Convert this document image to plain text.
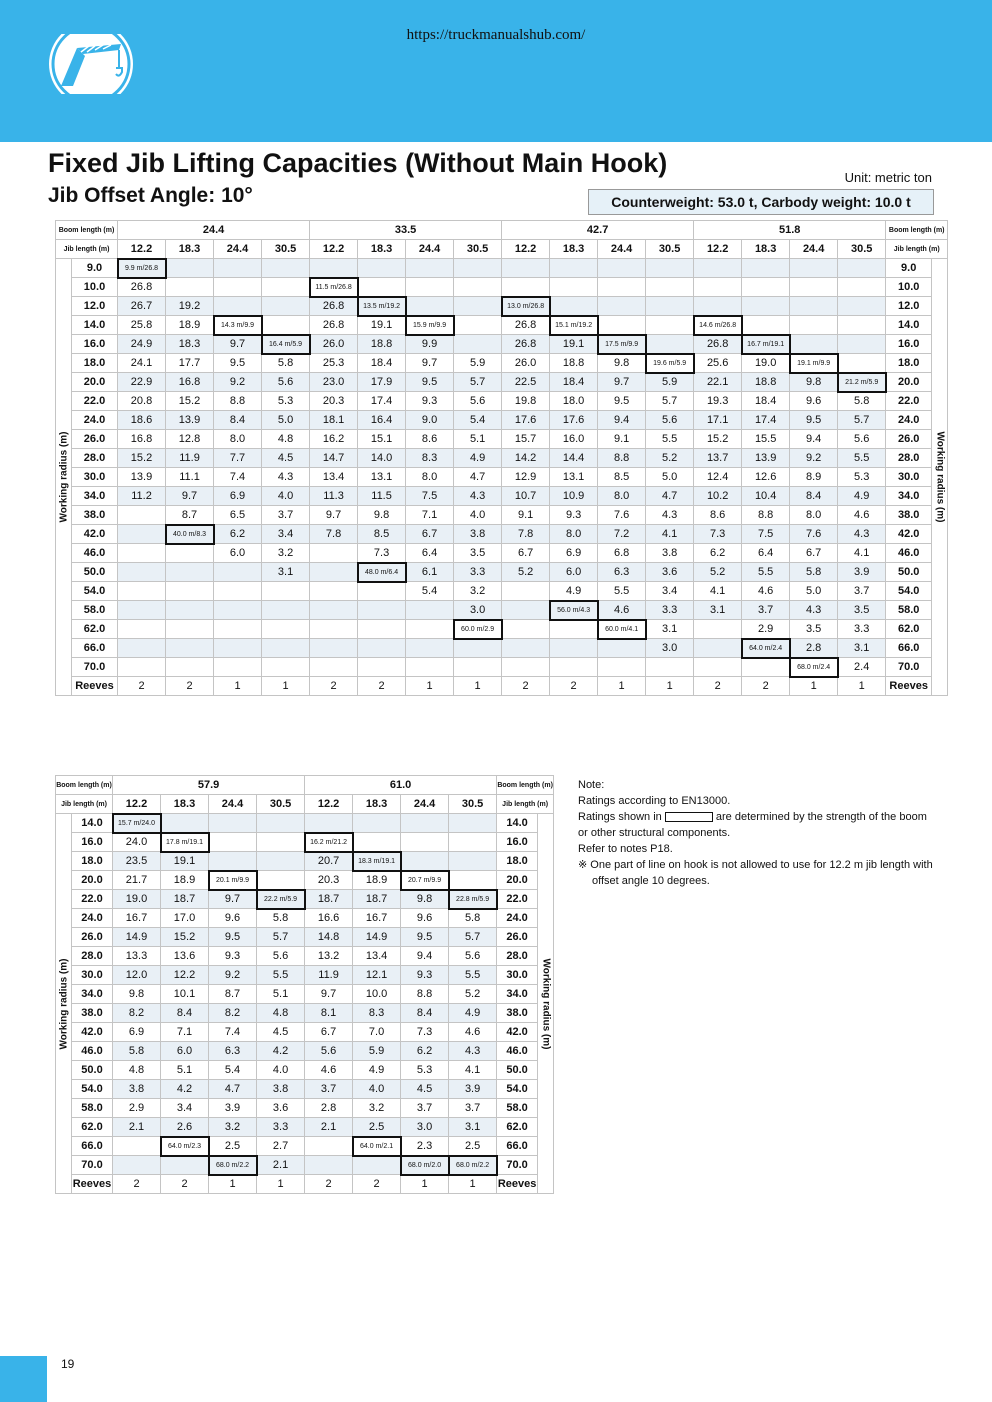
https://truckmanualshub.com/
Fixed Jib Lifting Capacities (Without Main Hook)
Jib Offset Angle: 10°
Unit: metric ton
Counterweight: 53.0 t, Carbody weight: 10.0 t
Boom length (m)		24.4				33.5				42.7				51.8				Boom length (m)	
Jib length (m)		12.2	18.3	24.4	30.5	12.2	18.3	24.4	30.5	12.2	18.3	24.4	30.5	12.2	18.3	24.4	30.5	Jib length (m)	

Working radius (m)	9.0	9.9 m/26.8																9.0	Working radius (m)

	10.0	26.8				11.5 m/26.8												10.0	
	12.0	26.7	19.2			26.8	13.5 m/19.2			13.0 m/26.8								12.0	
	14.0	25.8	18.9	14.3 m/9.9		26.8	19.1	15.9 m/9.9		26.8	15.1 m/19.2			14.6 m/26.8				14.0	
	16.0	24.9	18.3	9.7	16.4 m/5.9	26.0	18.8	9.9		26.8	19.1	17.5 m/9.9		26.8	16.7 m/19.1			16.0	
	18.0	24.1	17.7	9.5	5.8	25.3	18.4	9.7	5.9	26.0	18.8	9.8	19.6 m/5.9	25.6	19.0	19.1 m/9.9		18.0	
	20.0	22.9	16.8	9.2	5.6	23.0	17.9	9.5	5.7	22.5	18.4	9.7	5.9	22.1	18.8	9.8	21.2 m/5.9	20.0	
	22.0	20.8	15.2	8.8	5.3	20.3	17.4	9.3	5.6	19.8	18.0	9.5	5.7	19.3	18.4	9.6	5.8	22.0	
	24.0	18.6	13.9	8.4	5.0	18.1	16.4	9.0	5.4	17.6	17.6	9.4	5.6	17.1	17.4	9.5	5.7	24.0	
	26.0	16.8	12.8	8.0	4.8	16.2	15.1	8.6	5.1	15.7	16.0	9.1	5.5	15.2	15.5	9.4	5.6	26.0	
	28.0	15.2	11.9	7.7	4.5	14.7	14.0	8.3	4.9	14.2	14.4	8.8	5.2	13.7	13.9	9.2	5.5	28.0	
	30.0	13.9	11.1	7.4	4.3	13.4	13.1	8.0	4.7	12.9	13.1	8.5	5.0	12.4	12.6	8.9	5.3	30.0	
	34.0	11.2	9.7	6.9	4.0	11.3	11.5	7.5	4.3	10.7	10.9	8.0	4.7	10.2	10.4	8.4	4.9	34.0	
	38.0		8.7	6.5	3.7	9.7	9.8	7.1	4.0	9.1	9.3	7.6	4.3	8.6	8.8	8.0	4.6	38.0	
	42.0		40.0 m/8.3	6.2	3.4	7.8	8.5	6.7	3.8	7.8	8.0	7.2	4.1	7.3	7.5	7.6	4.3	42.0	
	46.0			6.0	3.2		7.3	6.4	3.5	6.7	6.9	6.8	3.8	6.2	6.4	6.7	4.1	46.0	
	50.0				3.1		48.0 m/6.4	6.1	3.3	5.2	6.0	6.3	3.6	5.2	5.5	5.8	3.9	50.0	
	54.0							5.4	3.2		4.9	5.5	3.4	4.1	4.6	5.0	3.7	54.0	
	58.0								3.0		56.0 m/4.3	4.6	3.3	3.1	3.7	4.3	3.5	58.0	
	62.0								60.0 m/2.9			60.0 m/4.1	3.1		2.9	3.5	3.3	62.0	
	66.0												3.0		64.0 m/2.4	2.8	3.1	66.0	
	70.0															68.0 m/2.4	2.4	70.0	
	Reeves	2	2	1	1	2	2	1	1	2	2	1	1	2	2	1	1	Reeves	
Boom length (m)		57.9				61.0				Boom length (m)	
Jib length (m)		12.2	18.3	24.4	30.5	12.2	18.3	24.4	30.5	Jib length (m)	

Working radius (m)	14.0	15.7 m/24.0								14.0	Working radius (m)

	16.0	24.0	17.8 m/19.1			16.2 m/21.2				16.0	
	18.0	23.5	19.1			20.7	18.3 m/19.1			18.0	
	20.0	21.7	18.9	20.1 m/9.9		20.3	18.9	20.7 m/9.9		20.0	
	22.0	19.0	18.7	9.7	22.2 m/5.9	18.7	18.7	9.8	22.8 m/5.9	22.0	
	24.0	16.7	17.0	9.6	5.8	16.6	16.7	9.6	5.8	24.0	
	26.0	14.9	15.2	9.5	5.7	14.8	14.9	9.5	5.7	26.0	
	28.0	13.3	13.6	9.3	5.6	13.2	13.4	9.4	5.6	28.0	
	30.0	12.0	12.2	9.2	5.5	11.9	12.1	9.3	5.5	30.0	
	34.0	9.8	10.1	8.7	5.1	9.7	10.0	8.8	5.2	34.0	
	38.0	8.2	8.4	8.2	4.8	8.1	8.3	8.4	4.9	38.0	
	42.0	6.9	7.1	7.4	4.5	6.7	7.0	7.3	4.6	42.0	
	46.0	5.8	6.0	6.3	4.2	5.6	5.9	6.2	4.3	46.0	
	50.0	4.8	5.1	5.4	4.0	4.6	4.9	5.3	4.1	50.0	
	54.0	3.8	4.2	4.7	3.8	3.7	4.0	4.5	3.9	54.0	
	58.0	2.9	3.4	3.9	3.6	2.8	3.2	3.7	3.7	58.0	
	62.0	2.1	2.6	3.2	3.3	2.1	2.5	3.0	3.1	62.0	
	66.0		64.0 m/2.3	2.5	2.7		64.0 m/2.1	2.3	2.5	66.0	
	70.0			68.0 m/2.2	2.1			68.0 m/2.0	68.0 m/2.2	70.0	
	Reeves	2	2	1	1	2	2	1	1	Reeves	
Note:
Ratings according to EN13000.
Ratings shown in	are determined by the strength of the boom or other structural components.
Refer to notes P18.
※ One part of line on hook is not allowed to use for 12.2 m jib length with offset angle 10 degrees.
19
